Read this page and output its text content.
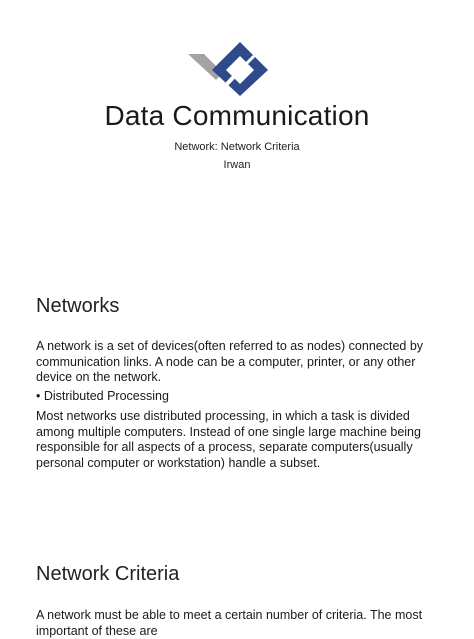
Data Communication
Network: Network Criteria
Irwan
Networks
A network is a set of devices(often referred to as nodes) connected by communication links. A node can be a computer, printer, or any other device on the network.
• Distributed Processing
Most networks use distributed processing, in which a task is divided among multiple computers. Instead of one single large machine being responsible for all aspects of a process, separate computers(usually personal computer or workstation) handle a subset.
Network Criteria
A network must be able to meet a certain number of criteria. The most important of these are
